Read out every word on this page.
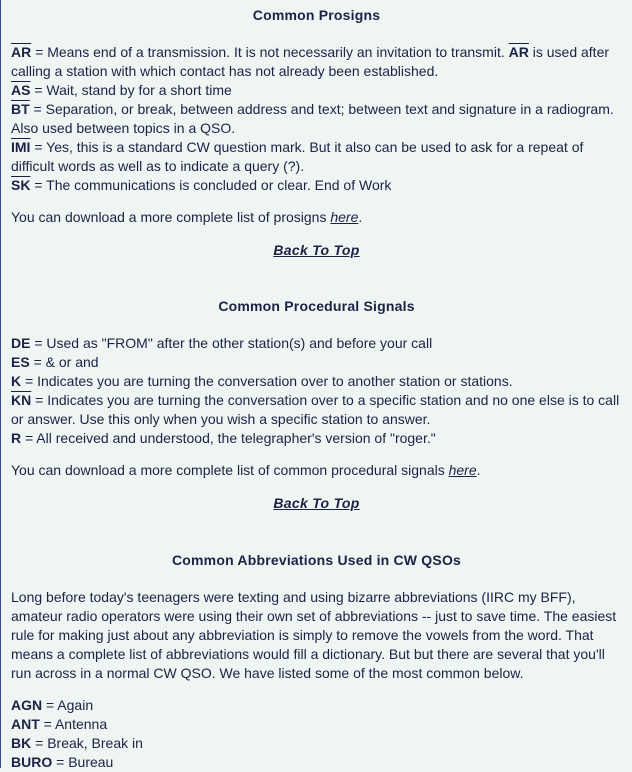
Common Prosigns

$\overline{AR}$ = Means end of a transmission. It is not necessarily an invitation to transmit. $\overline{AR}$ is used after calling a station with which contact has not already been established.

$\overline{AS}$ = Wait, stand by for a short time

$\overline{BT}$ = Separation, or break, between address and text; between text and signature in a radiogram. Also used between topics in a QSO.

$\overline{IMI}$ = Yes, this is a standard CW question mark. But it also can be used to ask for a repeat of difficult words as well as to indicate a query (?).

$\overline{SK}$ = The communications is concluded or clear. End of Work

You can download a more complete list of prosigns here.

Back To Top
Common Procedural Signals

DE = Used as "FROM" after the other station(s) and before your call

ES = & or and

K = Indicates you are turning the conversation over to another station or stations.

$\overline{KN}$ = Indicates you are turning the conversation over to a specific station and no one else is to call or answer. Use this only when you wish a specific station to answer.

R = All received and understood, the telegrapher's version of "roger."

You can download a more complete list of common procedural signals here.

Back To Top
Common Abbreviations Used in CW QSOs

Long before today's teenagers were texting and using bizarre abbreviations (IIRC my BFF), amateur radio operators were using their own set of abbreviations -- just to save time. The easiest rule for making just about any abbreviation is simply to remove the vowels from the word. That means a complete list of abbreviations would fill a dictionary. But but there are several that you'll run across in a normal CW QSO. We have listed some of the most common below.

AGN = Again

ANT = Antenna

BK = Break, Break in

BURO = Bureau
